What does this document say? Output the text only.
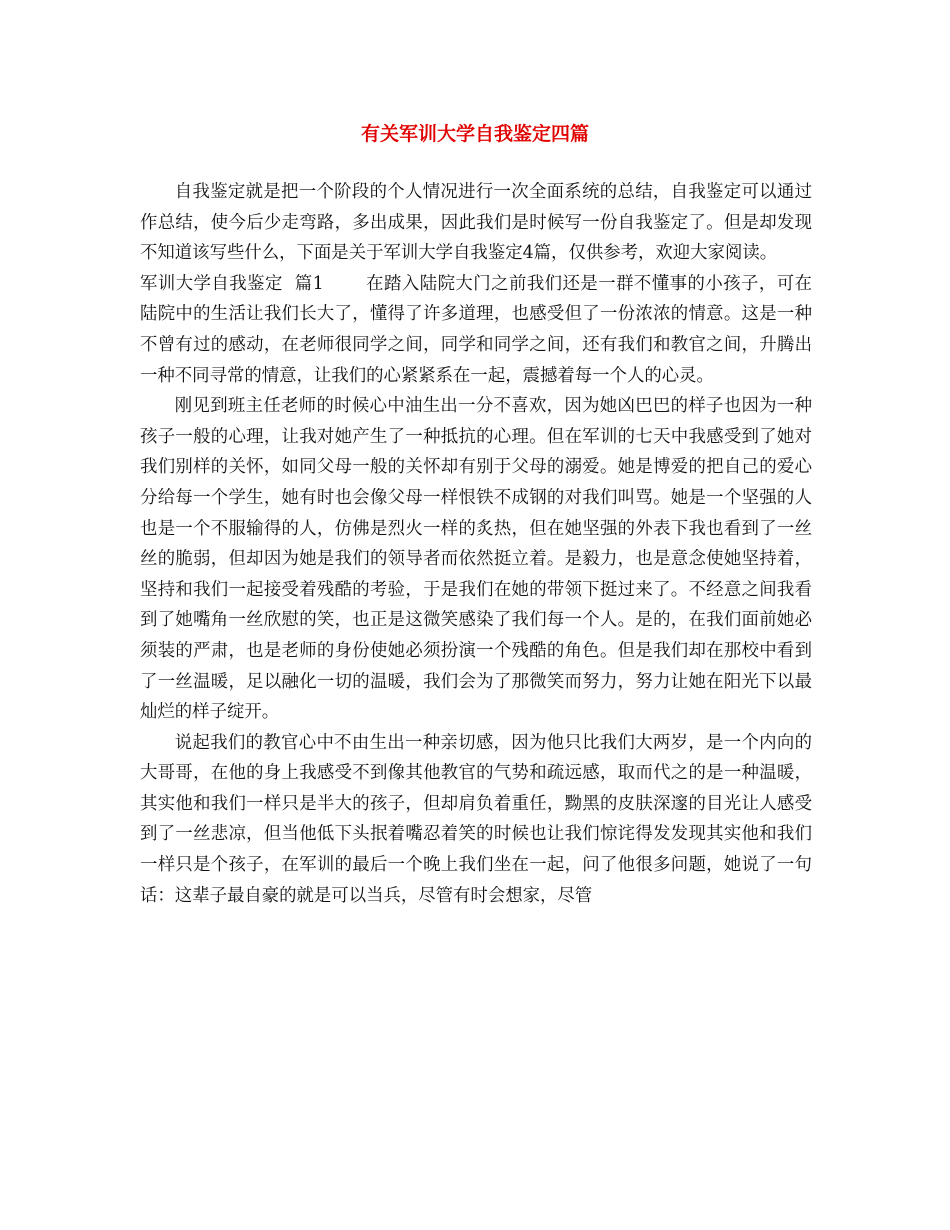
有关军训大学自我鉴定四篇

自我鉴定就是把一个阶段的个人情况进行一次全面系统的总结，自我鉴定可以通过作总结，使今后少走弯路，多出成果，因此我们是时候写一份自我鉴定了。但是却发现不知道该写些什么，下面是关于军训大学自我鉴定4篇，仅供参考，欢迎大家阅读。

军训大学自我鉴定  篇1 在踏入陆院大门之前我们还是一群不懂事的小孩子，可在陆院中的生活让我们长大了，懂得了许多道理，也感受但了一份浓浓的情意。这是一种不曾有过的感动，在老师很同学之间，同学和同学之间，还有我们和教官之间，升腾出一种不同寻常的情意，让我们的心紧紧系在一起，震撼着每一个人的心灵。

刚见到班主任老师的时候心中油生出一分不喜欢，因为她凶巴巴的样子也因为一种孩子一般的心理，让我对她产生了一种抵抗的心理。但在军训的七天中我感受到了她对我们别样的关怀，如同父母一般的关怀却有别于父母的溺爱。她是博爱的把自己的爱心分给每一个学生，她有时也会像父母一样恨铁不成钢的对我们叫骂。她是一个坚强的人也是一个不服输得的人，仿佛是烈火一样的炙热，但在她坚强的外表下我也看到了一丝丝的脆弱，但却因为她是我们的领导者而依然挺立着。是毅力，也是意念使她坚持着，坚持和我们一起接受着残酷的考验，于是我们在她的带领下挺过来了。不经意之间我看到了她嘴角一丝欣慰的笑，也正是这微笑感染了我们每一个人。是的，在我们面前她必须装的严肃，也是老师的身份使她必须扮演一个残酷的角色。但是我们却在那校中看到了一丝温暖，足以融化一切的温暖，我们会为了那微笑而努力，努力让她在阳光下以最灿烂的样子绽开。

说起我们的教官心中不由生出一种亲切感，因为他只比我们大两岁，是一个内向的大哥哥，在他的身上我感受不到像其他教官的气势和疏远感，取而代之的是一种温暖，其实他和我们一样只是半大的孩子，但却肩负着重任，黝黑的皮肤深邃的目光让人感受到了一丝悲凉，但当他低下头抿着嘴忍着笑的时候也让我们惊诧得发发现其实他和我们一样只是个孩子，在军训的最后一个晚上我们坐在一起，问了他很多问题，她说了一句话：这辈子最自豪的就是可以当兵，尽管有时会想家，尽管
